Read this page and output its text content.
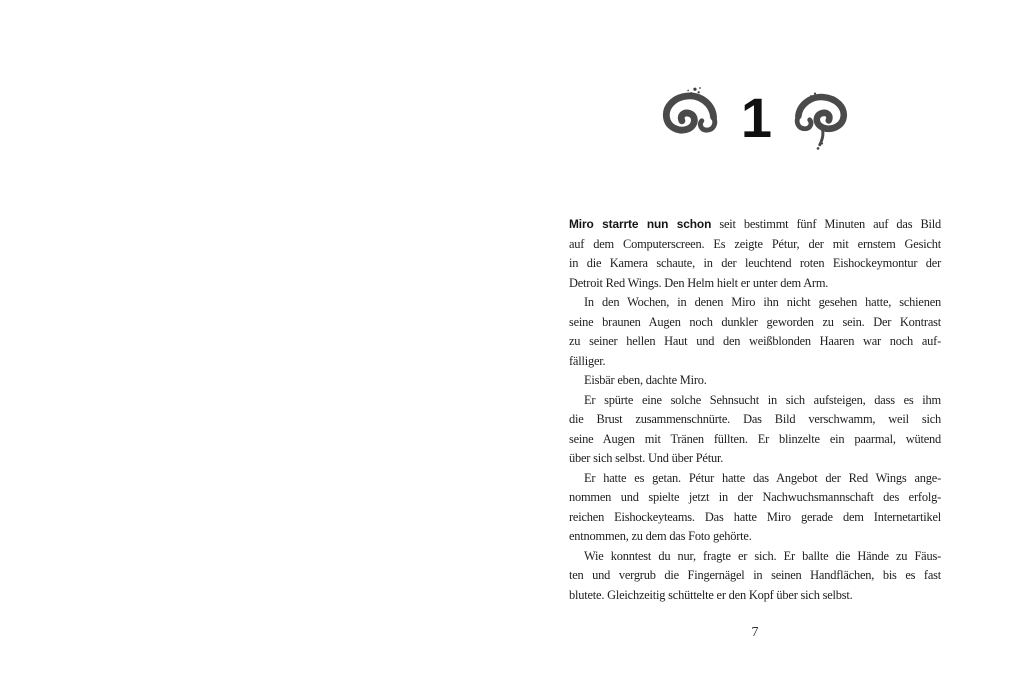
1
Miro starrte nun schon seit bestimmt fünf Minuten auf das Bild
auf dem Computerscreen. Es zeigte Pétur, der mit ernstem Gesicht
in die Kamera schaute, in der leuchtend roten Eishockeymontur der
Detroit Red Wings. Den Helm hielt er unter dem Arm.
In den Wochen, in denen Miro ihn nicht gesehen hatte, schienen
seine braunen Augen noch dunkler geworden zu sein. Der Kontrast
zu seiner hellen Haut und den weißblonden Haaren war noch auf-
fälliger.
Eisbär eben, dachte Miro.
Er spürte eine solche Sehnsucht in sich aufsteigen, dass es ihm
die Brust zusammenschnürte. Das Bild verschwamm, weil sich
seine Augen mit Tränen füllten. Er blinzelte ein paarmal, wütend
über sich selbst. Und über Pétur.
Er hatte es getan. Pétur hatte das Angebot der Red Wings ange-
nommen und spielte jetzt in der Nachwuchsmannschaft des erfolg-
reichen Eishockeyteams. Das hatte Miro gerade dem Internetartikel
entnommen, zu dem das Foto gehörte.
Wie konntest du nur, fragte er sich. Er ballte die Hände zu Fäus-
ten und vergrub die Fingernägel in seinen Handflächen, bis es fast
blutete. Gleichzeitig schüttelte er den Kopf über sich selbst.
7
